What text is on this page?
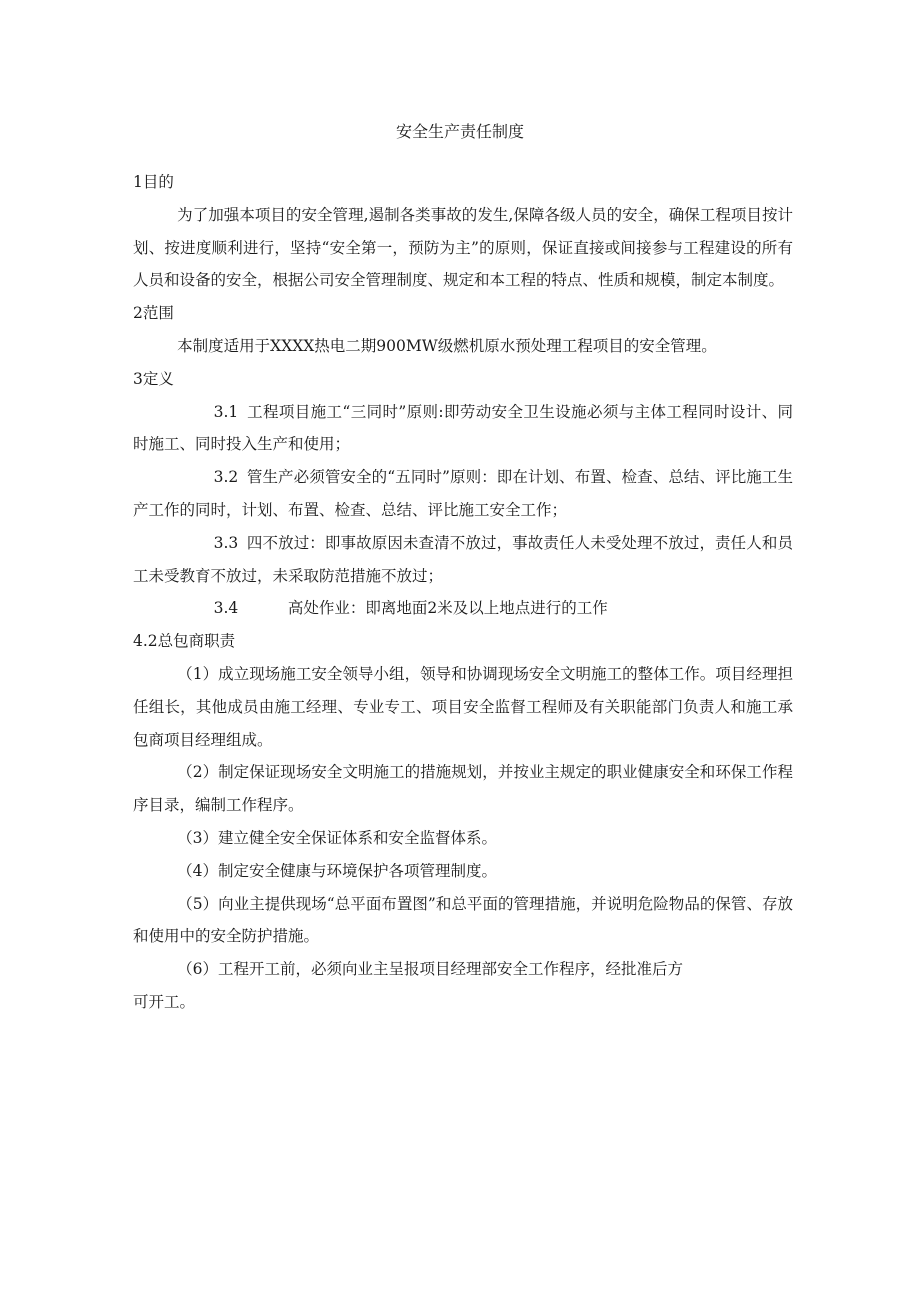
安全生产责任制度

1目的

为了加强本项目的安全管理,遏制各类事故的发生,保障各级人员的安全，确保工程项目按计划、按进度顺利进行，坚持“安全第一，预防为主”的原则，保证直接或间接参与工程建设的所有人员和设备的安全，根据公司安全管理制度、规定和本工程的特点、性质和规模，制定本制度。

2范围

本制度适用于XXXX热电二期900MW级燃机原水预处理工程项目的安全管理。

3定义

3.1 工程项目施工“三同时”原则:即劳动安全卫生设施必须与主体工程同时设计、同时施工、同时投入生产和使用；

3.2 管生产必须管安全的“五同时”原则：即在计划、布置、检查、总结、评比施工生产工作的同时，计划、布置、检查、总结、评比施工安全工作；

3.3 四不放过：即事故原因未查清不放过，事故责任人未受处理不放过，责任人和员工未受教育不放过，未采取防范措施不放过；

3.4	高处作业：即离地面2米及以上地点进行的工作

4.2总包商职责

（1）成立现场施工安全领导小组，领导和协调现场安全文明施工的整体工作。项目经理担任组长，其他成员由施工经理、专业专工、项目安全监督工程师及有关职能部门负责人和施工承包商项目经理组成。

（2）制定保证现场安全文明施工的措施规划，并按业主规定的职业健康安全和环保工作程序目录，编制工作程序。

（3）建立健全安全保证体系和安全监督体系。

（4）制定安全健康与环境保护各项管理制度。

（5）向业主提供现场“总平面布置图”和总平面的管理措施，并说明危险物品的保管、存放和使用中的安全防护措施。

（6）工程开工前，必须向业主呈报项目经理部安全工作程序，经批准后方

可开工。
